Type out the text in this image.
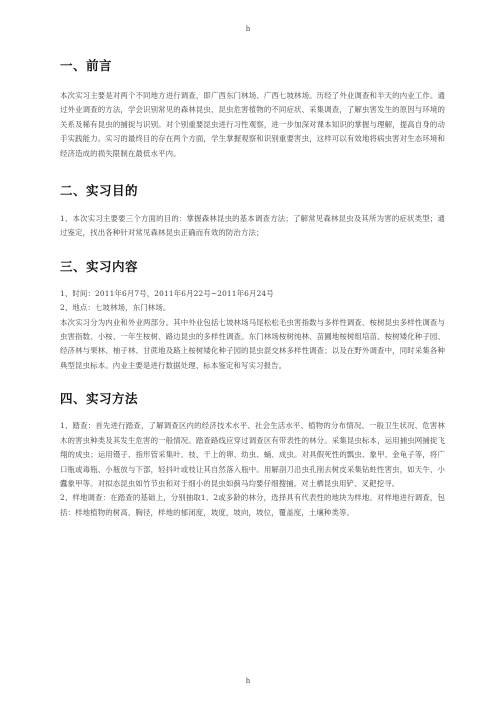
h
一、前言

本次实习主要是对两个不同地方进行调查，即广西东门林场、广西七坡林场。历经了外业调查和半天的内业工作。通过外业调查的方法，学会识别常见的森林昆虫、昆虫危害植物的不同症状、采集调查，了解虫害发生的原因与环境的关系及稀有昆虫的捕捉与识别。对个别重要昆虫进行习性观察，进一步加深对课本知识的掌握与理解，提高自身的动手实践能力。实习的最终目的存在两个方面，学生掌握观察和识别重要害虫，这样可以有效地将病虫害对生态环境和经济造成的损失限制在最低水平内。

二、实习目的

1、本次实习主要要三个方面的目的：掌握森林昆虫的基本调查方法；了解常见森林昆虫及其所为害的症状类型；通过鉴定，找出各种针对常见森林昆虫正确而有效的防治方法；

三、实习内容

1、时间：2011年6月7号，2011年6月22号~2011年6月24号

2、地点：七坡林场，东门林场。

本次实习分为内业和外业两部分。其中外业包括七坡林场马尾松松毛虫害指数与多样性调查、桉树昆虫多样性调查与虫害指数、小桉、一年生桉树、路边昆虫的多样性调查。东门林场桉树纯林、苗圃地桉树组培苗、桉树矮化种子园、经济林与果林、柚子林、甘蔗地及路上桉树矮化种子园的昆虫混交林多样性调查；以及在野外调查中，同时采集各种典型昆虫标本。内业主要是进行数据处理、标本鉴定和写实习报告。

四、实习方法

1、踏查：首先进行踏查，了解调查区内的经济技术水平、社会生活水平、植物的分布情况、一般卫生状况、危害林木的害虫种类及其发生危害的一般情况。踏查路线应穿过调查区有带表性的林分。采集昆虫标本，运用捕虫网捕捉飞翔的成虫；运用镊子、指形管采集叶、枝、干上的卵、幼虫、蛹、成虫。对具假死性的瓢虫、象甲、金龟子等，将广口瓶或毒瓶、小瓶放与下部，轻抖叶或枝让其自然落入瓶中。用解剖刀沿虫孔削去树皮采集钻蛀性害虫，如天牛、小蠹象甲等。对拟态昆虫如竹节虫和对于细小的昆虫如蓟马均要仔细搜捕。对土栖昆虫用铲、叉耙挖寻。

2、样地调查：在踏查的基础上，分别抽取1、2或多龄的林分，选择具有代表性的地块为样地。对样地进行调查，包括：样地植物的树高、胸径，样地的郁闭度，坡度，坡向，坡位，覆盖度，土壤种类等。

h
